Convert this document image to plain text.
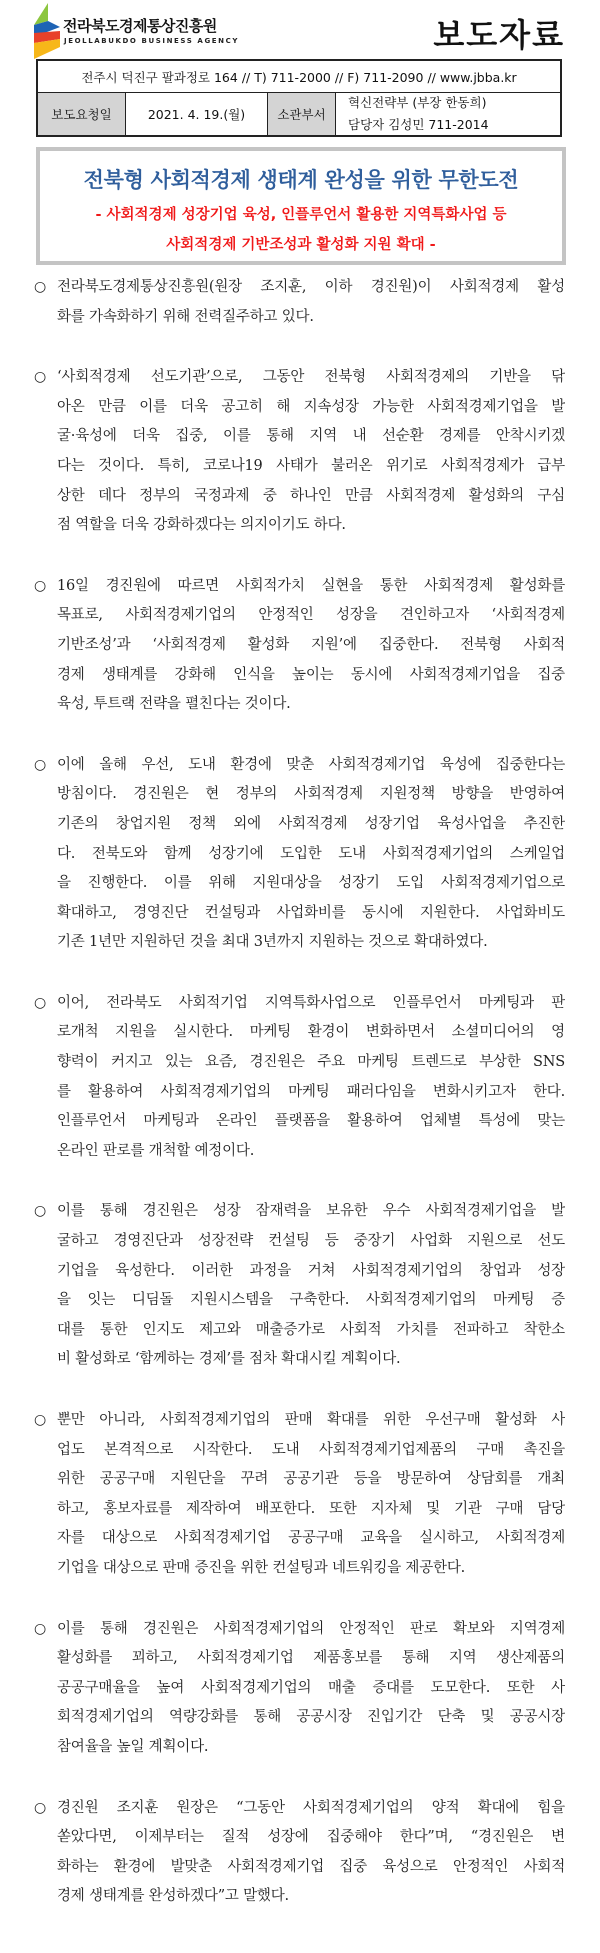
전라북도경제통상진흥원
JEOLLABUKDO BUSINESS AGENCY	보도자료
전주시 덕진구 팔과정로 164 // T) 711-2000 // F) 711-2090 // www.jbba.kr
보도요청일	2021. 4. 19.(월)	소관부서
혁신전략부 (부장 한동희)
담당자 김성민 711-2014
전북형 사회적경제 생태계 완성을 위한 무한도전
- 사회적경제 성장기업 육성, 인플루언서 활용한 지역특화사업 등
사회적경제 기반조성과 활성화 지원 확대 -
○ 전라북도경제통상진흥원(원장 조지훈, 이하 경진원)이 사회적경제 활성
화를 가속화하기 위해 전력질주하고 있다.
○ ‘사회적경제 선도기관’으로, 그동안 전북형 사회적경제의 기반을 닦
아온 만큼 이를 더욱 공고히 해 지속성장 가능한 사회적경제기업을 발
굴·육성에 더욱 집중, 이를 통해 지역 내 선순환 경제를 안착시키겠
다는 것이다. 특히, 코로나19 사태가 불러온 위기로 사회적경제가 급부
상한 데다 정부의 국정과제 중 하나인 만큼 사회적경제 활성화의 구심
점 역할을 더욱 강화하겠다는 의지이기도 하다.
○ 16일 경진원에 따르면 사회적가치 실현을 통한 사회적경제 활성화를
목표로, 사회적경제기업의 안정적인 성장을 견인하고자 ‘사회적경제
기반조성’과 ‘사회적경제 활성화 지원’에 집중한다. 전북형 사회적
경제 생태계를 강화해 인식을 높이는 동시에 사회적경제기업을 집중
육성, 투트랙 전략을 펼친다는 것이다.
○ 이에 올해 우선, 도내 환경에 맞춘 사회적경제기업 육성에 집중한다는
방침이다. 경진원은 현 정부의 사회적경제 지원정책 방향을 반영하여
기존의 창업지원 정책 외에 사회적경제 성장기업 육성사업을 추진한
다. 전북도와 함께 성장기에 도입한 도내 사회적경제기업의 스케일업
을 진행한다. 이를 위해 지원대상을 성장기 도입 사회적경제기업으로
확대하고, 경영진단 컨설팅과 사업화비를 동시에 지원한다. 사업화비도
기존 1년만 지원하던 것을 최대 3년까지 지원하는 것으로 확대하였다.
○ 이어, 전라북도 사회적기업 지역특화사업으로 인플루언서 마케팅과 판
로개척 지원을 실시한다. 마케팅 환경이 변화하면서 소셜미디어의 영
향력이 커지고 있는 요즘, 경진원은 주요 마케팅 트렌드로 부상한 SNS
를 활용하여 사회적경제기업의 마케팅 패러다임을 변화시키고자 한다.
인플루언서 마케팅과 온라인 플랫폼을 활용하여 업체별 특성에 맞는
온라인 판로를 개척할 예정이다.
○ 이를 통해 경진원은 성장 잠재력을 보유한 우수 사회적경제기업을 발
굴하고 경영진단과 성장전략 컨설팅 등 중장기 사업화 지원으로 선도
기업을 육성한다. 이러한 과정을 거쳐 사회적경제기업의 창업과 성장
을 잇는 디딤돌 지원시스템을 구축한다. 사회적경제기업의 마케팅 증
대를 통한 인지도 제고와 매출증가로 사회적 가치를 전파하고 착한소
비 활성화로 ‘함께하는 경제’를 점차 확대시킬 계획이다.
○ 뿐만 아니라, 사회적경제기업의 판매 확대를 위한 우선구매 활성화 사
업도 본격적으로 시작한다. 도내 사회적경제기업제품의 구매 촉진을
위한 공공구매 지원단을 꾸려 공공기관 등을 방문하여 상담회를 개최
하고, 홍보자료를 제작하여 배포한다. 또한 지자체 및 기관 구매 담당
자를 대상으로 사회적경제기업 공공구매 교육을 실시하고, 사회적경제
기업을 대상으로 판매 증진을 위한 컨설팅과 네트워킹을 제공한다.
○ 이를 통해 경진원은 사회적경제기업의 안정적인 판로 확보와 지역경제
활성화를 꾀하고, 사회적경제기업 제품홍보를 통해 지역 생산제품의
공공구매율을 높여 사회적경제기업의 매출 증대를 도모한다. 또한 사
회적경제기업의 역량강화를 통해 공공시장 진입기간 단축 및 공공시장
참여율을 높일 계획이다.
○ 경진원 조지훈 원장은 “그동안 사회적경제기업의 양적 확대에 힘을
쏟았다면, 이제부터는 질적 성장에 집중해야 한다”며, “경진원은 변
화하는 환경에 발맞춘 사회적경제기업 집중 육성으로 안정적인 사회적
경제 생태계를 완성하겠다”고 말했다.
